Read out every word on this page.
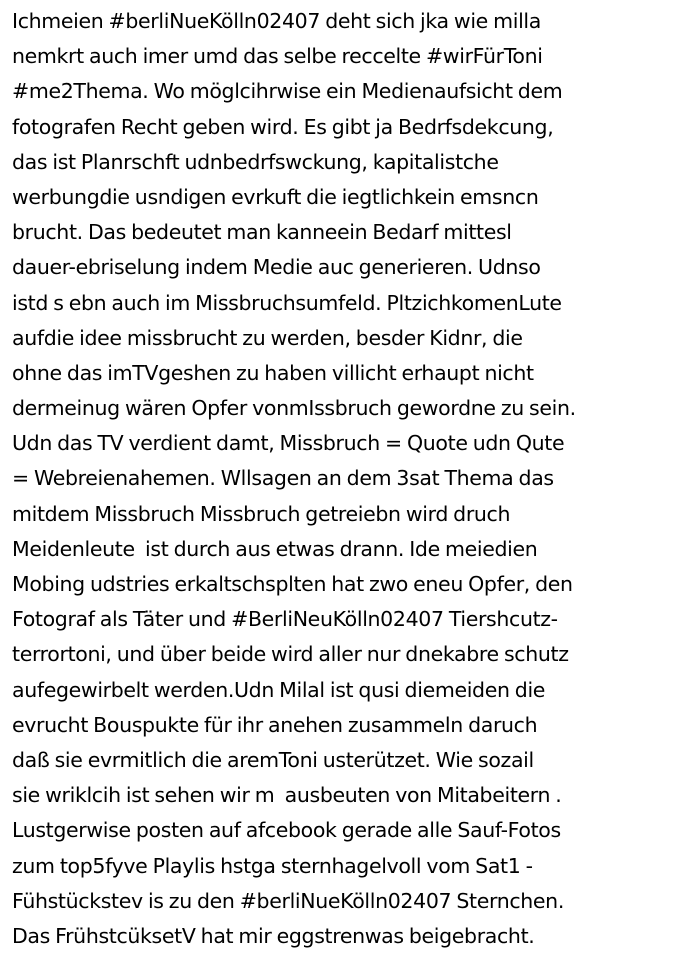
Ichmeien #berliNueKölln02407 deht sich jka wie milla
nemkrt auch imer umd das selbe reccelte #wirFürToni
#me2Thema. Wo möglcihrwise ein Medienaufsicht dem
fotografen Recht geben wird. Es gibt ja Bedrfsdekcung,
das ist Planrschft udnbedrfswckung, kapitalistche
werbungdie usndigen evrkuft die iegtlichkein emsncn
brucht. Das bedeutet man kanneein Bedarf mittesl
dauer-ebriselung indem Medie auc generieren. Udnso
istd s ebn auch im Missbruchsumfeld. PltzichkomenLute
aufdie idee missbrucht zu werden, besder Kidnr, die
ohne das imTVgeshen zu haben villicht erhaupt nicht
dermeinug wären Opfer vonmIssbruch gewordne zu sein.
Udn das TV verdient damt, Missbruch = Quote udn Qute
= Webreienahemen. Wllsagen an dem 3sat Thema das
mitdem Missbruch Missbruch getreiebn wird druch
Meidenleute  ist durch aus etwas drann. Ide meiedien
Mobing udstries erkaltschsplten hat zwo eneu Opfer, den
Fotograf als Täter und #BerliNeuKölln02407 Tiershcutz-
terrortoni, und über beide wird aller nur dnekabre schutz
aufegewirbelt werden.Udn Milal ist qusi diemeiden die
evrucht Bouspukte für ihr anehen zusammeln daruch
daß sie evrmitlich die aremToni usterützet. Wie sozail
sie wriklcih ist sehen wir m  ausbeuten von Mitabeitern .
Lustgerwise posten auf afcebook gerade alle Sauf-Fotos
zum top5fyve Playlis hstga sternhagelvoll vom Sat1 -
Fühstückstev is zu den #berliNueKölln02407 Sternchen.
Das FrühstcüksetV hat mir eggstrenwas beigebracht.
